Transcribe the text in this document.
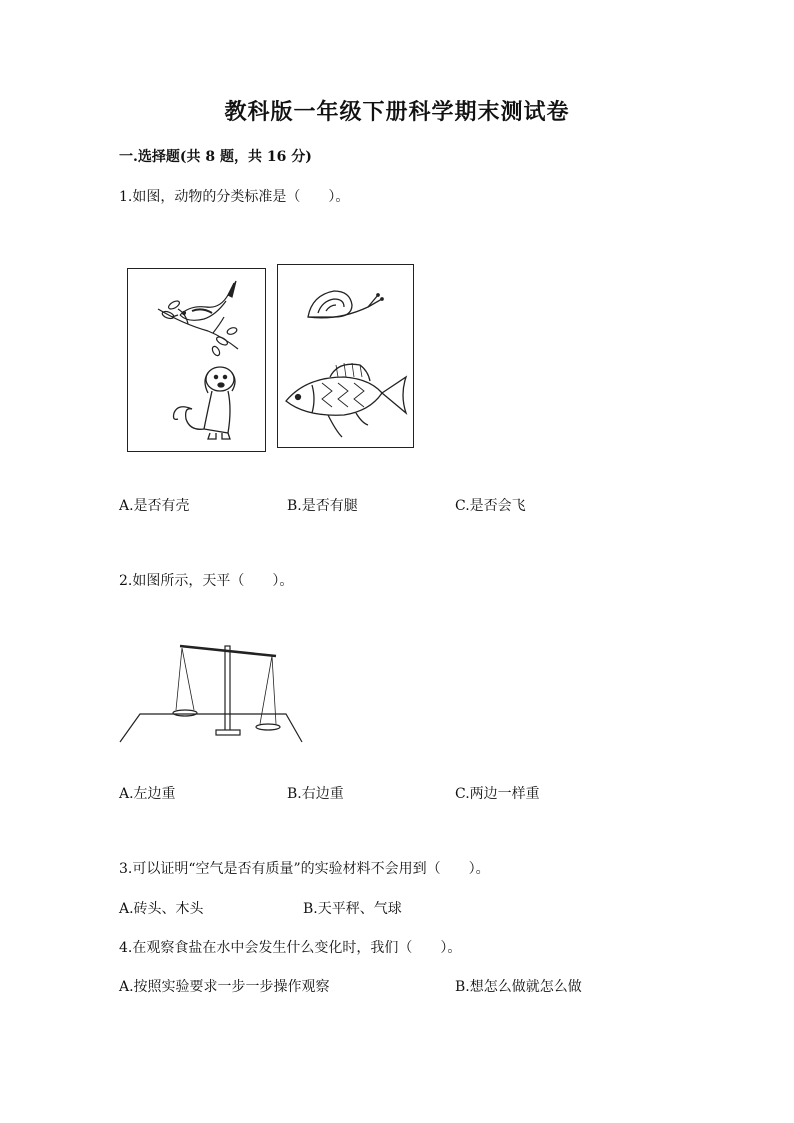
教科版一年级下册科学期末测试卷
一.选择题(共 8 题，共 16 分)
1.如图，动物的分类标准是（　　）。
A.是否有壳	B.是否有腿	C.是否会飞
2.如图所示，天平（　　）。
A.左边重	B.右边重	C.两边一样重
3.可以证明“空气是否有质量”的实验材料不会用到（　　）。
A.砖头、木头	B.天平秤、气球
4.在观察食盐在水中会发生什么变化时，我们（　　）。
A.按照实验要求一步一步操作观察	B.想怎么做就怎么做
